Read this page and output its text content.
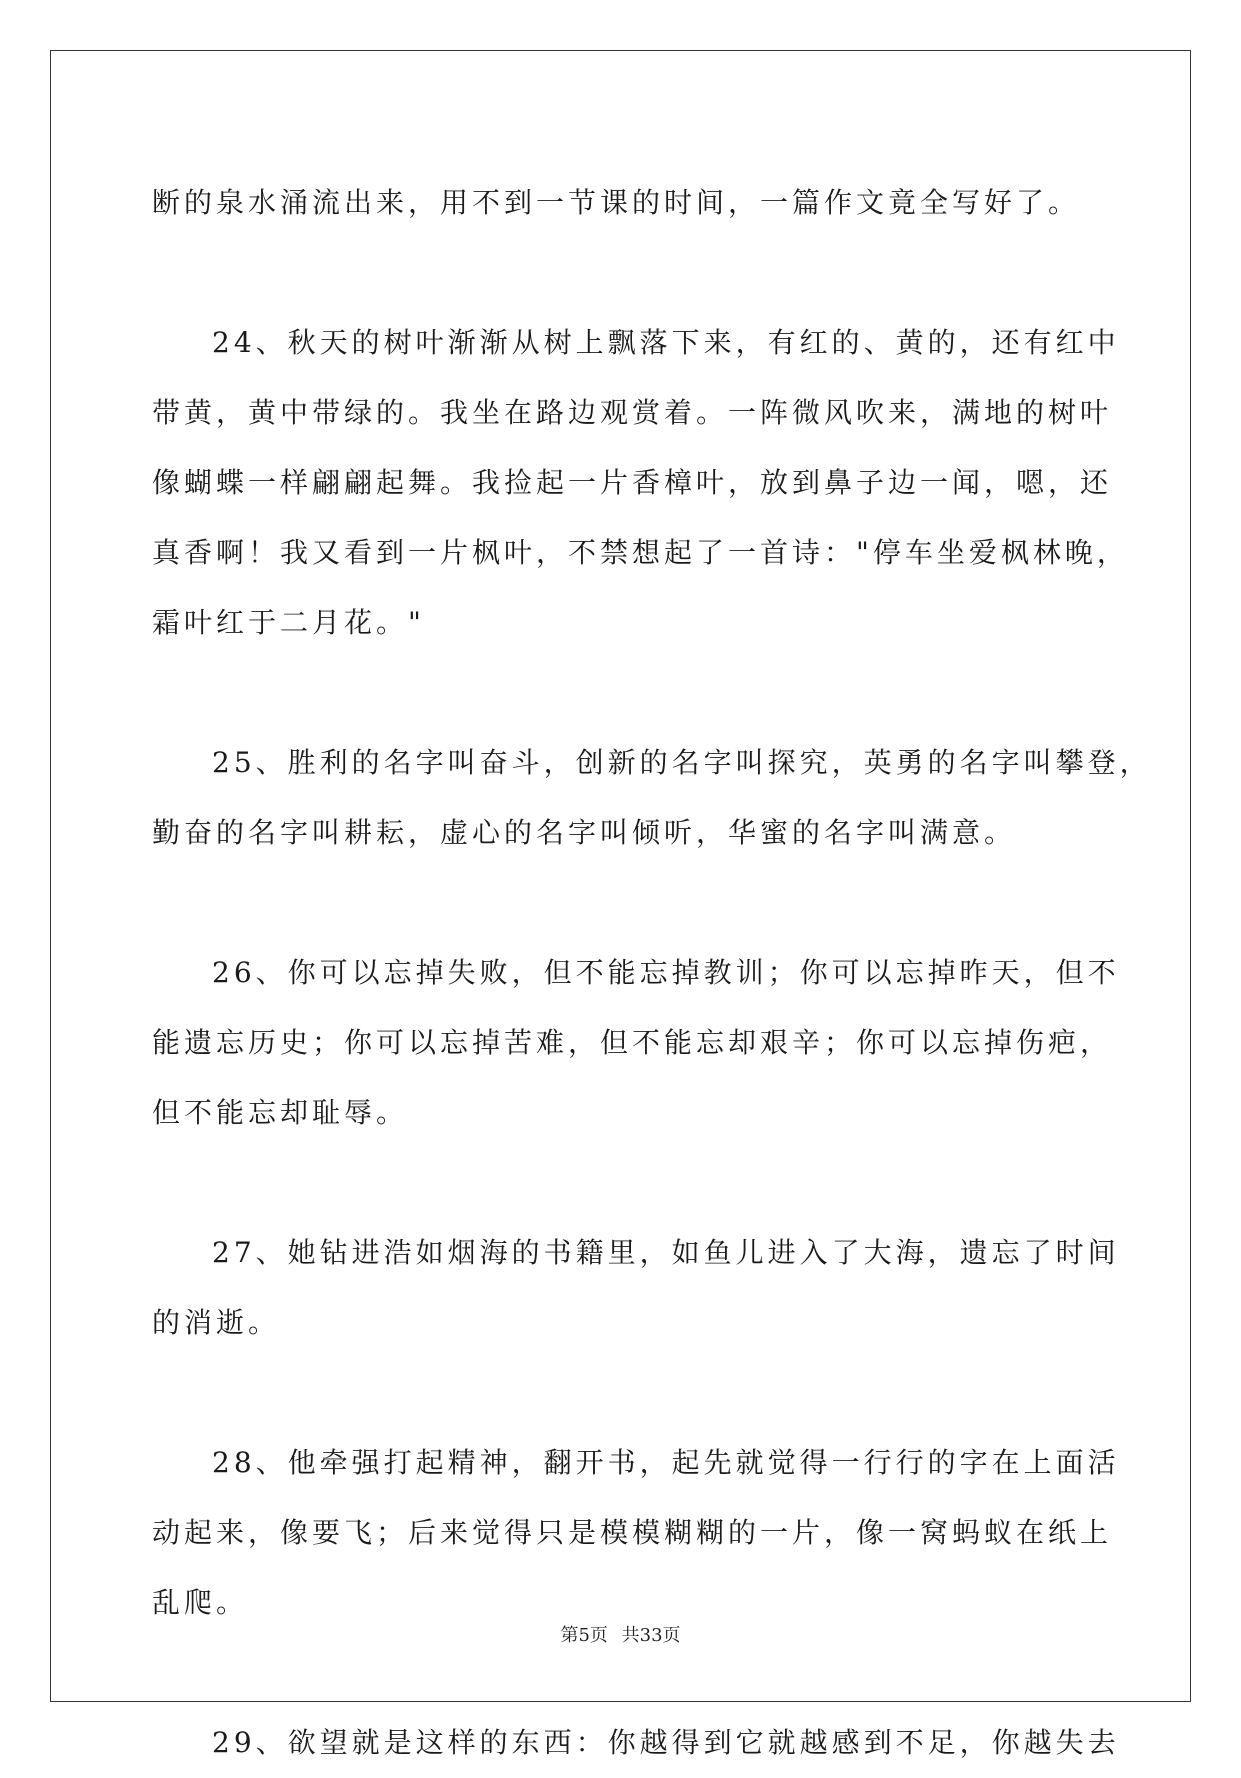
断的泉水涌流出来，用不到一节课的时间，一篇作文竟全写好了。
24、秋天的树叶渐渐从树上飘落下来，有红的、黄的，还有红中
带黄，黄中带绿的。我坐在路边观赏着。一阵微风吹来，满地的树叶
像蝴蝶一样翩翩起舞。我捡起一片香樟叶，放到鼻子边一闻，嗯，还
真香啊！我又看到一片枫叶，不禁想起了一首诗："停车坐爱枫林晚，
霜叶红于二月花。"
25、胜利的名字叫奋斗，创新的名字叫探究，英勇的名字叫攀登，
勤奋的名字叫耕耘，虚心的名字叫倾听，华蜜的名字叫满意。
26、你可以忘掉失败，但不能忘掉教训；你可以忘掉昨天，但不
能遗忘历史；你可以忘掉苦难，但不能忘却艰辛；你可以忘掉伤疤，
但不能忘却耻辱。
27、她钻进浩如烟海的书籍里，如鱼儿进入了大海，遗忘了时间
的消逝。
28、他牵强打起精神，翻开书，起先就觉得一行行的字在上面活
动起来，像要飞；后来觉得只是模模糊糊的一片，像一窝蚂蚁在纸上
乱爬。
29、欲望就是这样的东西：你越得到它就越感到不足，你越失去
第5页 共33页
